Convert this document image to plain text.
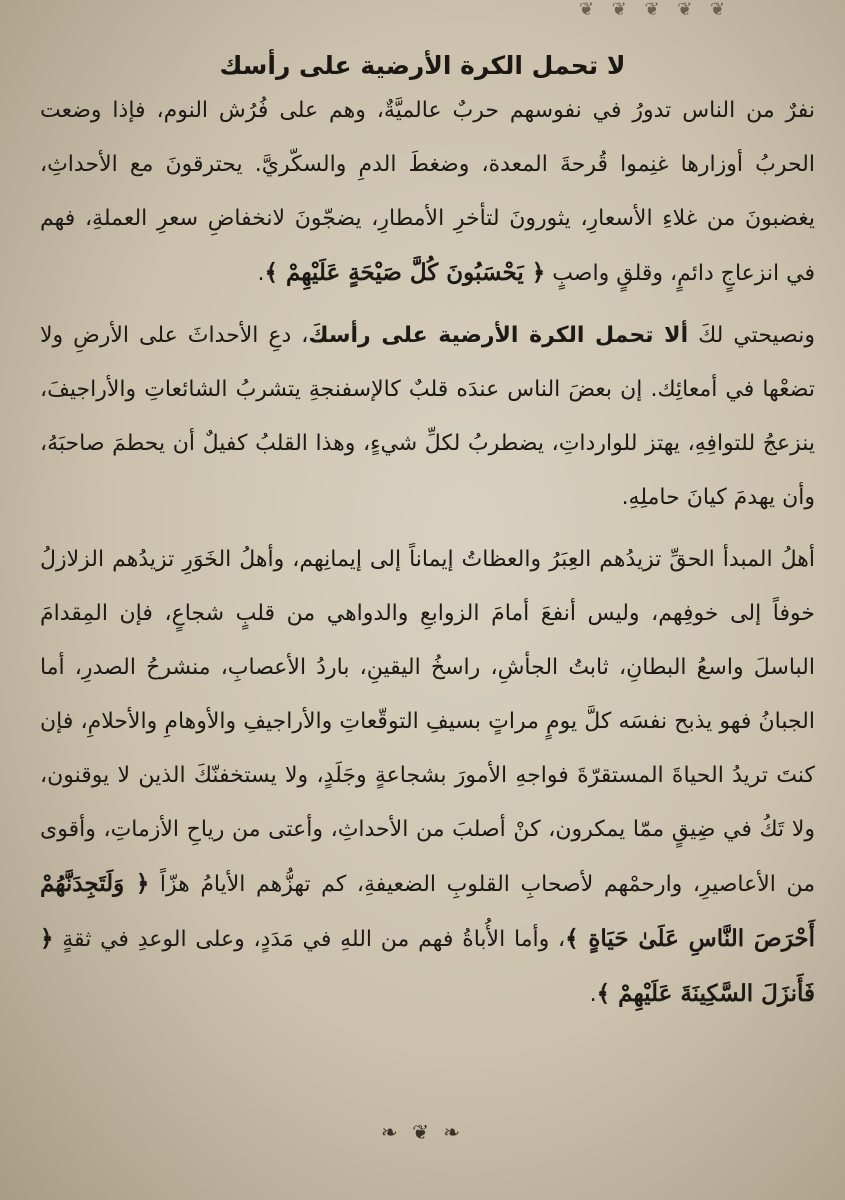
❦ ❦ ❦ ❦ ❦
لا تحمل الكرة الأرضية على رأسك

نفرٌ من الناس تدورُ في نفوسهم حربٌ عالميَّةٌ، وهم على فُرُش النوم، فإذا وضعت الحربُ أوزارها غنِموا قُرحةَ المعدة، وضغطَ الدمِ والسكّريَّ. يحترقونَ مع الأحداثِ، يغضبونَ من غلاءِ الأسعارِ، يثورونَ لتأخرِ الأمطارِ، يضجّونَ لانخفاضِ سعرِ العملةِ، فهم في انزعاجٍ دائمٍ، وقلقٍ واصبٍ ﴿ يَحْسَبُونَ كُلَّ صَيْحَةٍ عَلَيْهِمْ ﴾.

ونصيحتي لكَ ألا تحمل الكرة الأرضية على رأسكَ، دعِ الأحداثَ على الأرضِ ولا تضعْها في أمعائِك. إن بعضَ الناس عندَه قلبٌ كالإسفنجةِ يتشربُ الشائعاتِ والأراجيفَ، ينزعجُ للتوافِهِ، يهتز للوارداتِ، يضطربُ لكلِّ شيءٍ، وهذا القلبُ كفيلٌ أن يحطمَ صاحبَهُ، وأن يهدمَ كيانَ حاملِهِ.

أهلُ المبدأ الحقِّ تزيدُهم العِبَرُ والعظاتُ إيماناً إلى إيمانِهم، وأهلُ الخَوَرِ تزيدُهم الزلازلُ خوفاً إلى خوفِهم، وليس أنفعَ أمامَ الزوابعِ والدواهي من قلبٍ شجاعٍ، فإن المِقدامَ الباسلَ واسعُ البطانِ، ثابتُ الجأشِ، راسخُ اليقينِ، باردُ الأعصابِ، منشرحُ الصدرِ، أما الجبانُ فهو يذبح نفسَه كلَّ يومٍ مراتٍ بسيفِ التوقّعاتِ والأراجيفِ والأوهامِ والأحلامِ، فإن كنتَ تريدُ الحياةَ المستقرّةَ فواجهِ الأمورَ بشجاعةٍ وجَلَدٍ، ولا يستخفنّكَ الذين لا يوقنون، ولا تَكُ في ضِيقٍ ممّا يمكرون، كنْ أصلبَ من الأحداثِ، وأعتى من رياحِ الأزماتِ، وأقوى من الأعاصيرِ، وارحمْهم لأصحابِ القلوبِ الضعيفةِ، كم تهزُّهم الأيامُ هزّاً ﴿ وَلَتَجِدَنَّهُمْ أَحْرَصَ النَّاسِ عَلَىٰ حَيَاةٍ ﴾، وأما الأُباةُ فهم من اللهِ في مَدَدٍ، وعلى الوعدِ في ثقةٍ ﴿ فَأَنزَلَ السَّكِينَةَ عَلَيْهِمْ ﴾.

❧ ❦ ❧
